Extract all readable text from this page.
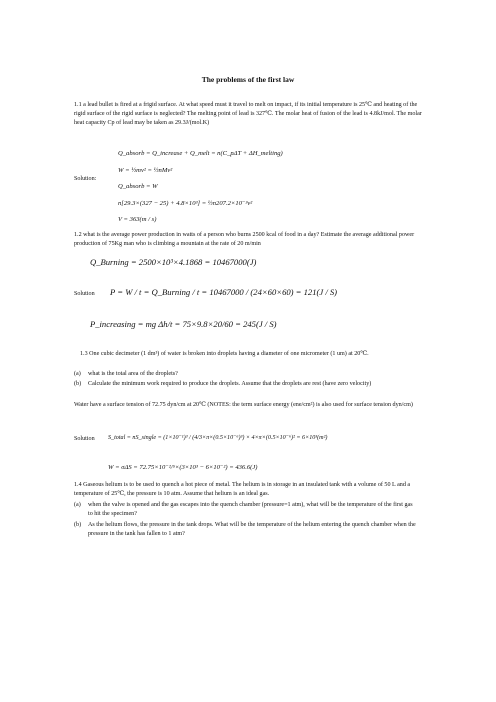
The problems of the first law

1.1 a lead bullet is fired at a frigid surface. At what speed must it travel to melt on impact, if its initial temperature is 25℃ and heating of the rigid surface of the rigid surface is neglected? The melting point of lead is 327℃. The molar heat of fusion of the lead is 4.8kJ/mol. The molar heat capacity Cp of lead may be taken as 29.3J/(mol.K)

Solution:

Q_absorb = Q_increase + Q_melt = n(C_pΔT + ΔH_melting)

W = ½mv² = ½nMv²

Q_absorb = W

n[29.3×(327 − 25) + 4.8×10³] = ½n207.2×10⁻³v²

V = 363(m / s)

1.2 what is the average power production in watts of a person who burns 2500 kcal of food in a day? Estimate the average additional power production of 75Kg man who is climbing a mountain at the rate of 20 m/min

Q_Burning = 2500×10³×4.1868 = 10467000(J)

Solution P = W / t = Q_Burning / t = 10467000 / (24×60×60) = 121(J / S)

P_increasing = mg Δh/t = 75×9.8×20/60 = 245(J / S)

1.3 One cubic decimeter (1 dm³) of water is broken into droplets having a diameter of one micrometer (1 um) at 20℃.

(a) what is the total area of the droplets?
(b) Calculate the minimum work required to produce the droplets. Assume that the droplets are rest (have zero velocity)

Water have a surface tension of 72.75 dyn/cm at 20℃ (NOTES: the term surface energy (ene/cm²) is also used for surface tension dyn/cm)

Solution S_total = nS_single = (1×10⁻¹)³ / (4/3×π×(0.5×10⁻⁶)³) × 4×π×(0.5×10⁻⁶)² = 6×10³(m²)

W = σΔS = 72.75×10⁻²/⁵×(3×10³ − 6×10⁻²) = 436.6(J)

1.4 Gaseous helium is to be used to quench a hot piece of metal. The helium is in storage in an insulated tank with a volume of 50 L and a temperature of 25℃, the pressure is 10 atm. Assume that helium is an ideal gas.

(a) when the valve is opened and the gas escapes into the quench chamber (pressure=1 atm), what will be the temperature of the first gas to hit the specimen?
(b) As the helium flows, the pressure in the tank drops. What will be the temperature of the helium entering the quench chamber when the pressure in the tank has fallen to 1 atm?
